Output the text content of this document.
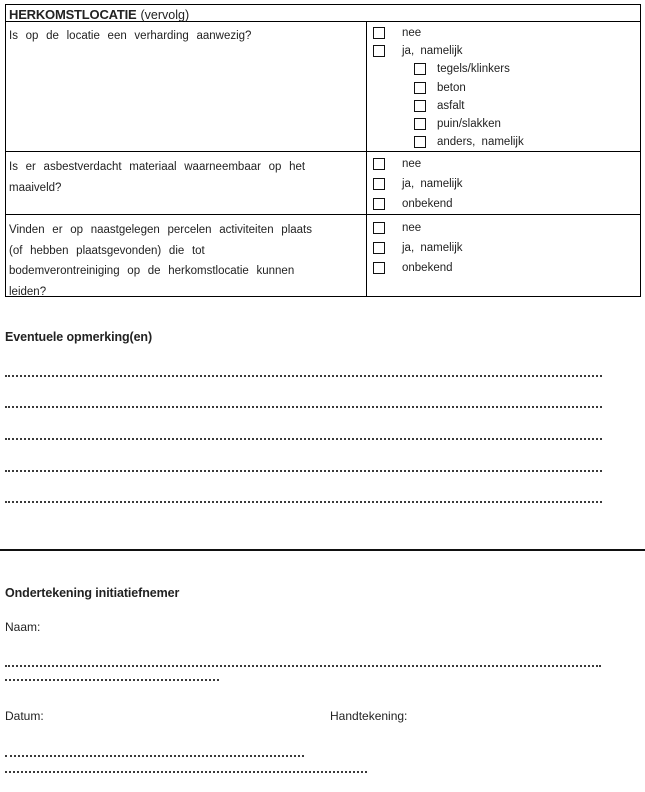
HERKOMSTLOCATIE (vervolg)
Is op de locatie een verharding aanwezig?	nee
ja, namelijk
tegels/klinkers
beton
asfalt
puin/slakken
anders, namelijk
Is er asbestverdacht materiaal waarneembaar op het
maaiveld?
nee
ja, namelijk
onbekend
Vinden er op naastgelegen percelen activiteiten plaats
(of hebben plaatsgevonden) die tot
bodemverontreiniging op de herkomstlocatie kunnen
leiden?
nee
ja, namelijk
onbekend
Eventuele opmerking(en)
Ondertekening initiatiefnemer
Naam:
Datum:	Handtekening:
